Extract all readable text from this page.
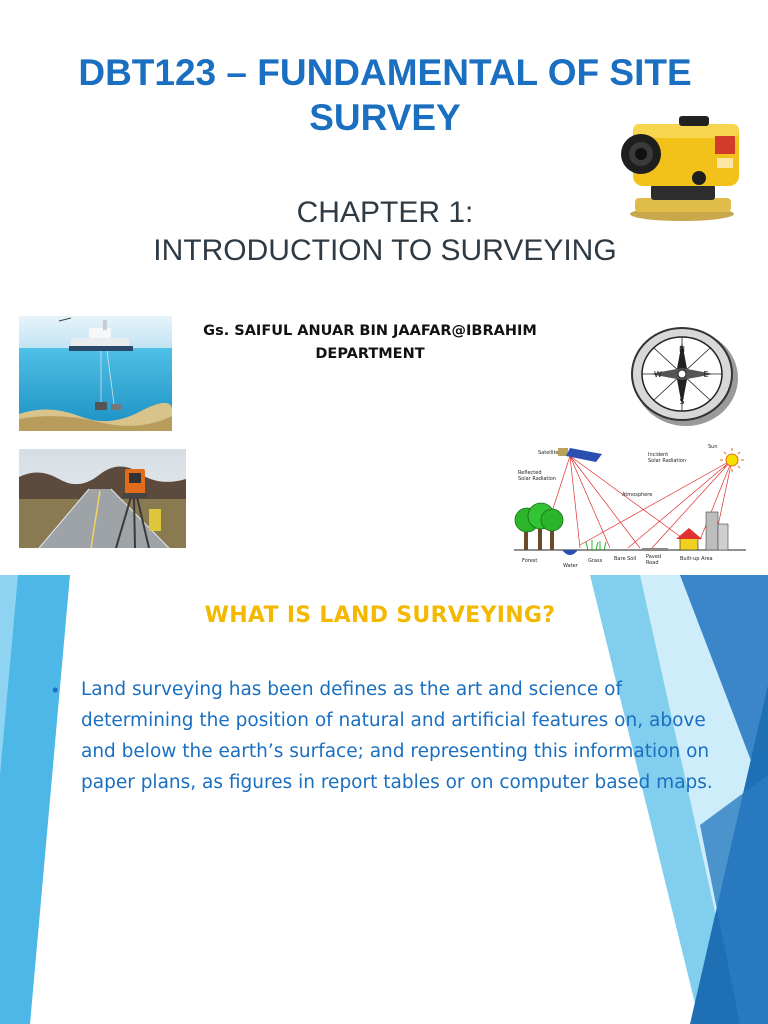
DBT123 – FUNDAMENTAL OF SITE SURVEY
CHAPTER 1:
INTRODUCTION TO SURVEYING
Gs. SAIFUL ANUAR BIN JAAFAR@IBRAHIM
DEPARTMENT	N
S
W	E
Satellite
Sun
Incident
Solar Radiation
Reflected
Solar Radiation
Atmosphere
Forest
Water
Grass Bare Soil Paved
Road
Built-up Area
WHAT IS LAND SURVEYING?
• Land surveying has been defines as the art and science of determining the position of natural and artificial features on, above and below the earth’s surface; and representing this information on paper plans, as figures in report tables or on computer based maps.
